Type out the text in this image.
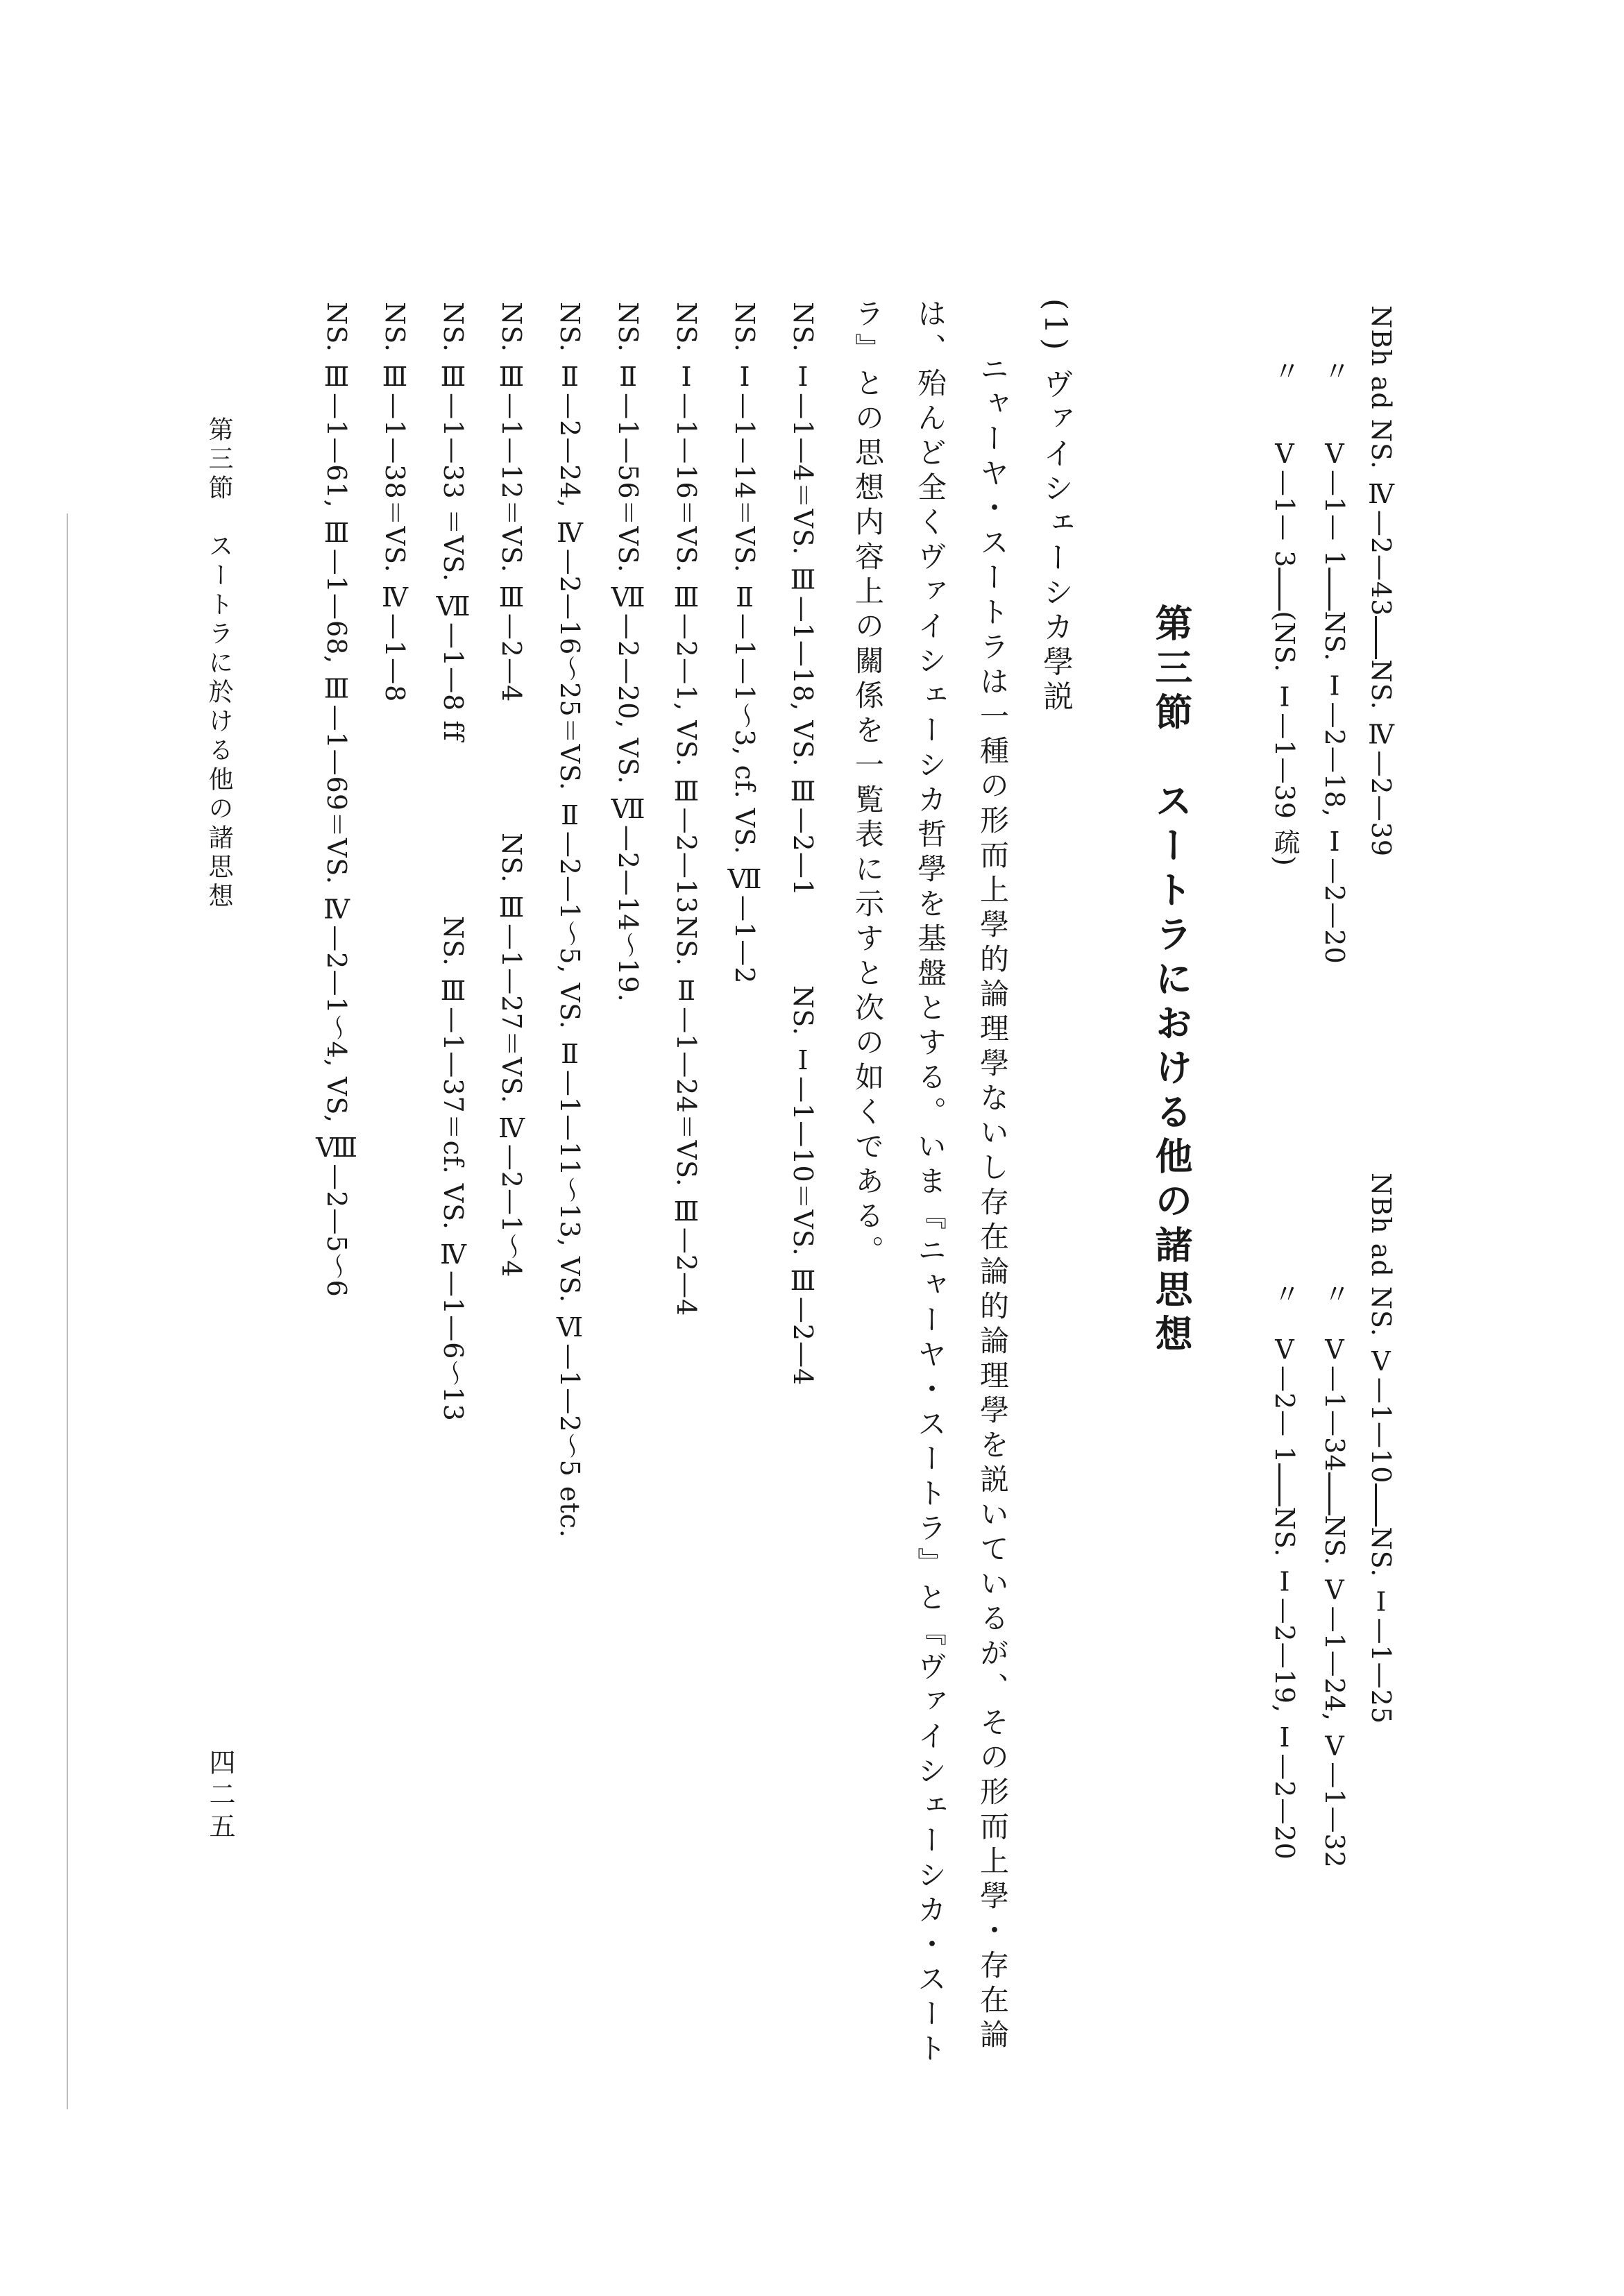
NBh ad NS. Ⅳ—2—43NS. Ⅳ—2—39
NBh ad NS. Ⅴ—1—10NS. Ⅰ—1—25
〃　　Ⅴ—1— 1NS. Ⅰ—2—18, Ⅰ—2—20
〃　Ⅴ—1—34NS. Ⅴ—1—24, Ⅴ—1—32
〃　　Ⅴ—1— 3(NS. Ⅰ—1—39 疏)
〃　Ⅴ—2— 1NS. Ⅰ—2—19, Ⅰ—2—20
第三節　スートラにおける他の諸思想
(1) ヴァイシェーシカ學説
ニャーヤ・スートラは一種の形而上學的論理學ないし存在論的論理學を説いているが、その形而上學・存在論
は、殆んど全くヴァイシェーシカ哲學を基盤とする。いま『ニャーヤ・スートラ』と『ヴァイシェーシカ・スート
ラ』との思想内容上の關係を一覧表に示すと次の如くである。
NS. Ⅰ—1—4＝VS. Ⅲ—1—18, VS. Ⅲ—2—1
NS. Ⅰ—1—10＝VS. Ⅲ—2—4
NS. Ⅰ—1—14＝VS. Ⅱ—1—1～3, cf. VS. Ⅶ—1—2
NS. Ⅰ—1—16＝VS. Ⅲ—2—1, VS. Ⅲ—2—13
NS. Ⅱ—1—24＝VS. Ⅲ—2—4
NS. Ⅱ—1—56＝VS. Ⅶ—2—20, VS. Ⅶ—2—14～19.
NS. Ⅱ—2—24, Ⅳ—2—16～25＝VS. Ⅱ—2—1～5, VS. Ⅱ—1—11～13, VS. Ⅵ—1—2～5 etc.
NS. Ⅲ—1—12＝VS. Ⅲ—2—4
NS. Ⅲ—1—27＝VS. Ⅳ—2—1～4
NS. Ⅲ—1—33 ＝VS. Ⅶ—1—8 ff
NS. Ⅲ—1—37＝cf. VS. Ⅳ—1—6～13
NS. Ⅲ—1—38＝VS. Ⅳ—1—8
NS. Ⅲ—1—61, Ⅲ—1—68, Ⅲ—1—69＝VS. Ⅳ—2—1～4, VS, Ⅷ—2—5～6
第三節　スートラに於ける他の諸思想
四二五
